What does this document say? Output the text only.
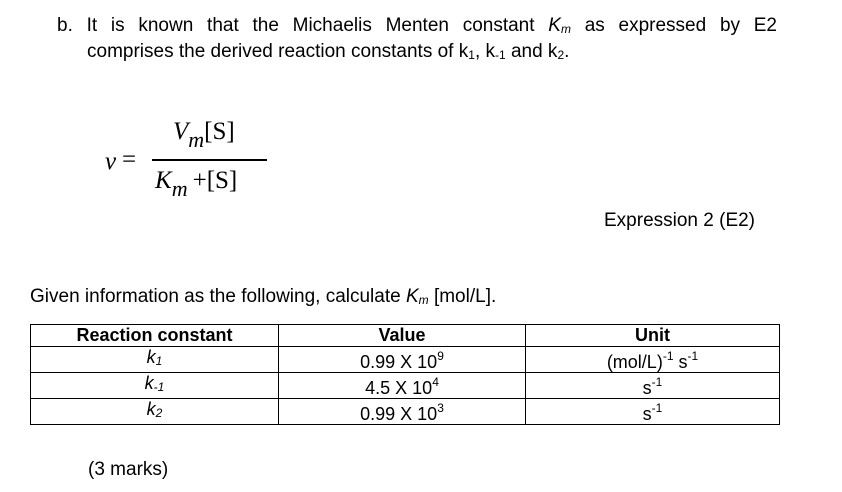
b. It is known that the Michaelis Menten constant $K_m$ as expressed by E2
comprises the derived reaction constants of $k_1$, $k_{-1}$ and $k_2$.
v =
Vm[S]
Km  +[S]
Expression 2 (E2)
Given information as the following, calculate $K_m$ [mol/L].
Reaction constant	Value	Unit
$k_1$	0.99 X $10^9$	$(mol/L)^{-1}$ $s^{-1}$
$k_{-1}$	4.5 X $10^4$	$s^{-1}$
$k_2$	0.99 X $10^3$	$s^{-1}$
(3 marks)
